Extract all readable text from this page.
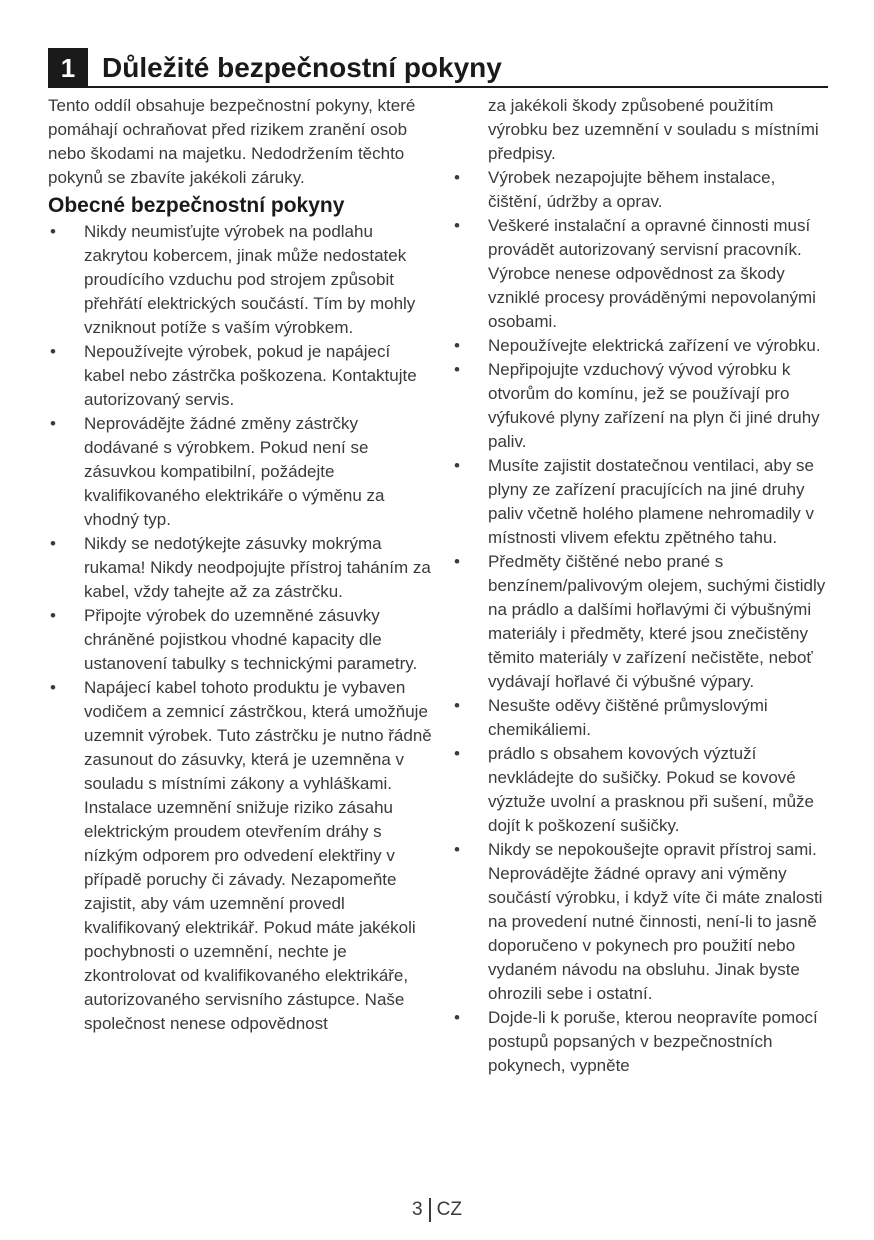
1 Důležité bezpečnostní pokyny

Tento oddíl obsahuje bezpečnostní pokyny, které pomáhají ochraňovat před rizikem zranění osob nebo škodami na majetku. Nedodržením těchto pokynů se zbavíte jakékoli záruky.

Obecné bezpečnostní pokyny
• Nikdy neumisťujte výrobek na podlahu zakrytou kobercem, jinak může nedostatek proudícího vzduchu pod strojem způsobit přehřátí elektrických součástí. Tím by mohly vzniknout potíže s vaším výrobkem.
• Nepoužívejte výrobek, pokud je napájecí kabel nebo zástrčka poškozena. Kontaktujte autorizovaný servis.
• Neprovádějte žádné změny zástrčky dodávané s výrobkem. Pokud není se zásuvkou kompatibilní, požádejte kvalifikovaného elektrikáře o výměnu za vhodný typ.
• Nikdy se nedotýkejte zásuvky mokrýma rukama! Nikdy neodpojujte přístroj taháním za kabel, vždy tahejte až za zástrčku.
• Připojte výrobek do uzemněné zásuvky chráněné pojistkou vhodné kapacity dle ustanovení tabulky s technickými parametry.
• Napájecí kabel tohoto produktu je vybaven vodičem a zemnicí zástrčkou, která umožňuje uzemnit výrobek. Tuto zástrčku je nutno řádně zasunout do zásuvky, která je uzemněna v souladu s místními zákony a vyhláškami. Instalace uzemnění snižuje riziko zásahu elektrickým proudem otevřením dráhy s nízkým odporem pro odvedení elektřiny v případě poruchy či závady. Nezapomeňte zajistit, aby vám uzemnění provedl kvalifikovaný elektrikář. Pokud máte jakékoli pochybnosti o uzemnění, nechte je zkontrolovat od kvalifikovaného elektrikáře, autorizovaného servisního zástupce. Naše společnost nenese odpovědnost

za jakékoli škody způsobené použitím výrobku bez uzemnění v souladu s místními předpisy.

• Výrobek nezapojujte během instalace, čištění, údržby a oprav.
• Veškeré instalační a opravné činnosti musí provádět autorizovaný servisní pracovník. Výrobce nenese odpovědnost za škody vzniklé procesy prováděnými nepovolanými osobami.
• Nepoužívejte elektrická zařízení ve výrobku.
• Nepřipojujte vzduchový vývod výrobku k otvorům do komínu, jež se používají pro výfukové plyny zařízení na plyn či jiné druhy paliv.
• Musíte zajistit dostatečnou ventilaci, aby se plyny ze zařízení pracujících na jiné druhy paliv včetně holého plamene nehromadily v místnosti vlivem efektu zpětného tahu.
• Předměty čištěné nebo prané s benzínem/palivovým olejem, suchými čistidly na prádlo a dalšími hořlavými či výbušnými materiály i předměty, které jsou znečistěny těmito materiály v zařízení nečistěte, neboť vydávají hořlavé či výbušné výpary.
• Nesušte oděvy čištěné průmyslovými chemikáliemi.
• prádlo s obsahem kovových výztuží nevkládejte do sušičky. Pokud se kovové výztuže uvolní a prasknou při sušení, může dojít k poškození sušičky.
• Nikdy se nepokoušejte opravit přístroj sami. Neprovádějte žádné opravy ani výměny součástí výrobku, i když víte či máte znalosti na provedení nutné činnosti, není-li to jasně doporučeno v pokynech pro použití nebo vydaném návodu na obsluhu. Jinak byste ohrozili sebe i ostatní.
• Dojde-li k poruše, kterou neopravíte pomocí postupů popsaných v bezpečnostních pokynech, vypněte
3 CZ
